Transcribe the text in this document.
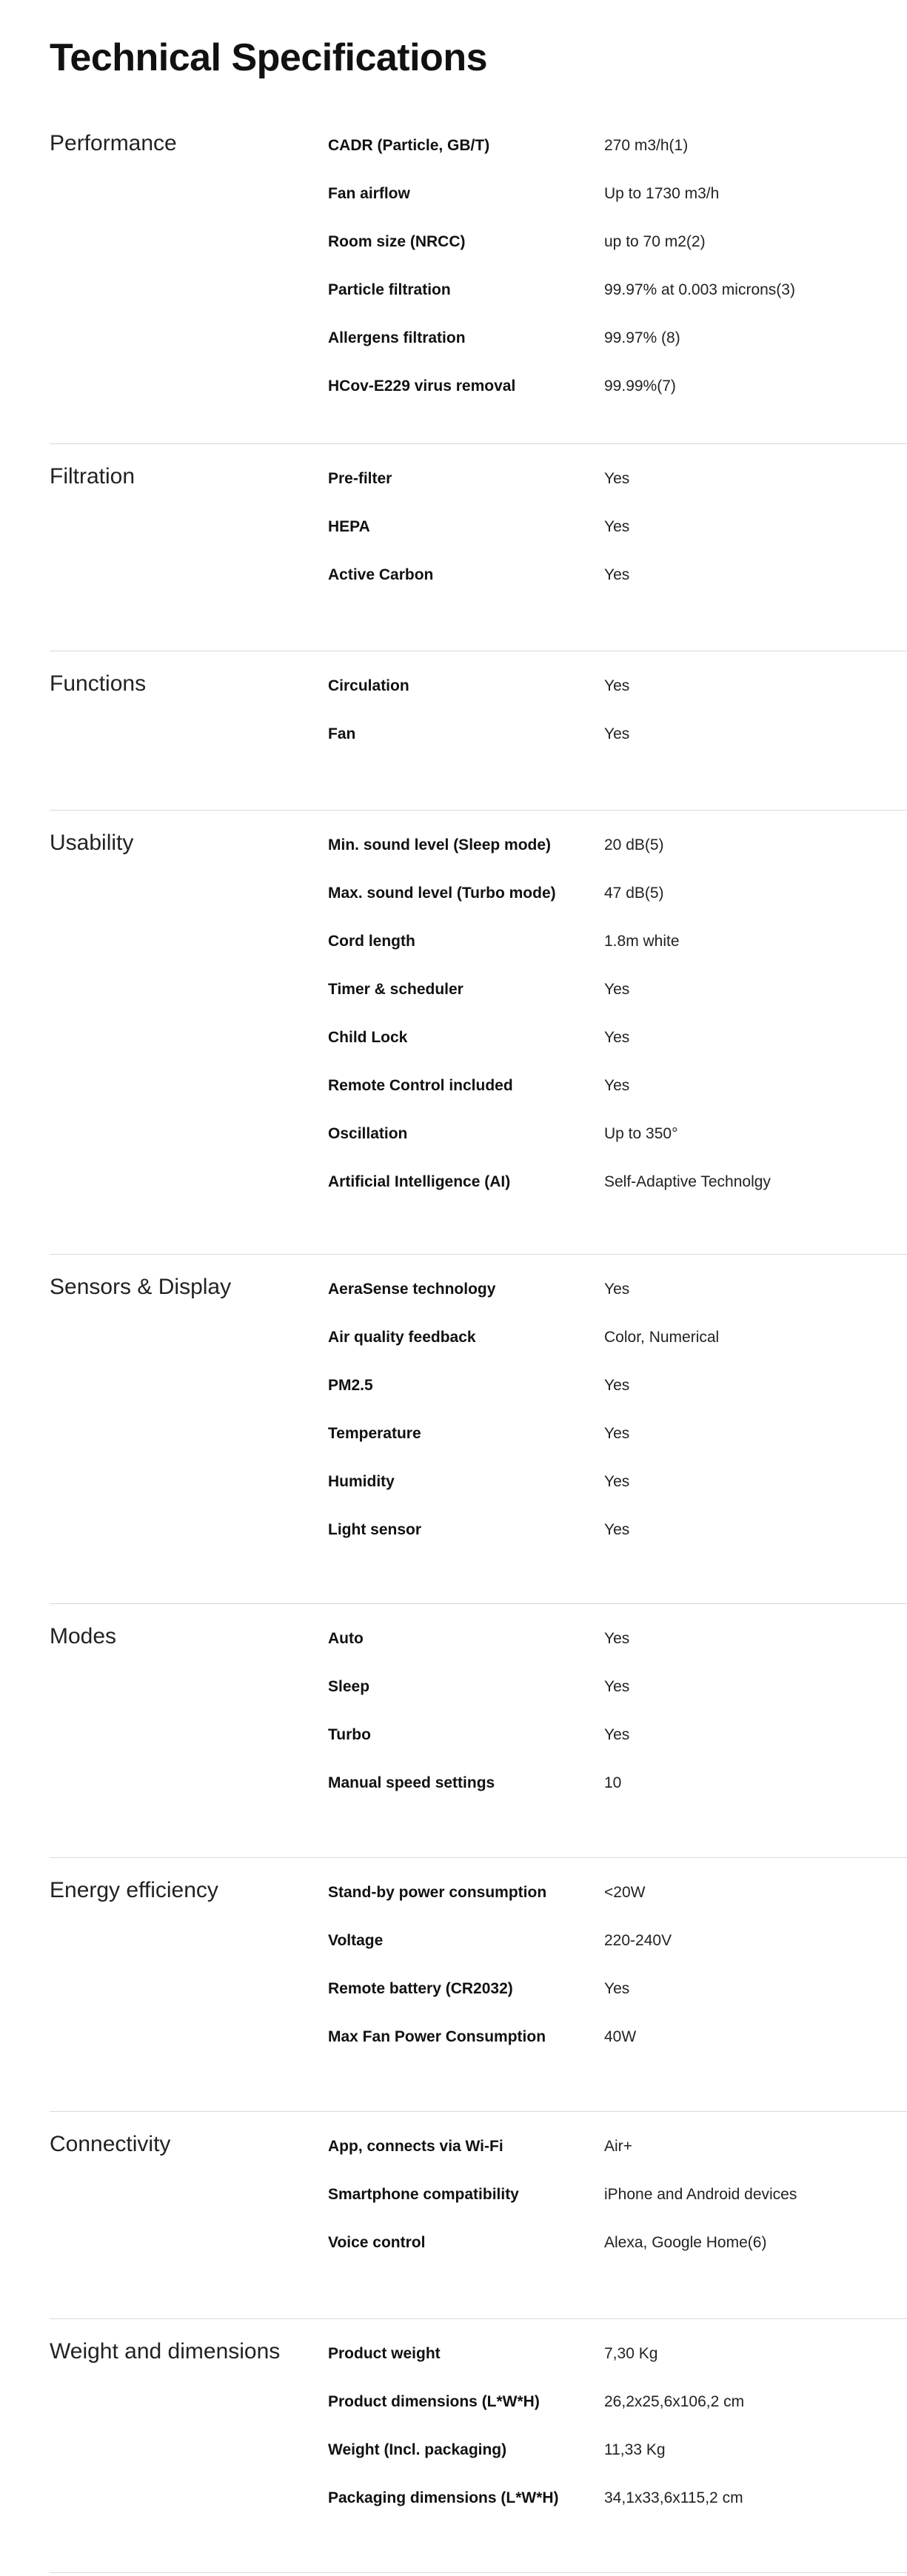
Technical Specifications
Performance	CADR (Particle, GB/T)	270 m3/h(1)
Fan airflow	Up to 1730 m3/h
Room size (NRCC)	up to 70 m2(2)
Particle filtration	99.97% at 0.003 microns(3)
Allergens filtration	99.97% (8)
HCov-E229 virus removal	99.99%(7)
Filtration	Pre-filter	Yes
HEPA	Yes
Active Carbon	Yes
Functions	Circulation	Yes
Fan	Yes
Usability	Min. sound level (Sleep mode)	20 dB(5)
Max. sound level (Turbo mode)	47 dB(5)
Cord length	1.8m white
Timer & scheduler	Yes
Child Lock	Yes
Remote Control included	Yes
Oscillation	Up to 350°
Artificial Intelligence (AI)	Self-Adaptive Technolgy
Sensors & Display	AeraSense technology	Yes
Air quality feedback	Color, Numerical
PM2.5	Yes
Temperature	Yes
Humidity	Yes
Light sensor	Yes
Modes	Auto	Yes
Sleep	Yes
Turbo	Yes
Manual speed settings	10
Energy efficiency	Stand-by power consumption	<20W
Voltage	220-240V
Remote battery (CR2032)	Yes
Max Fan Power Consumption	40W
Connectivity	App, connects via Wi-Fi	Air+
Smartphone compatibility	iPhone and Android devices
Voice control	Alexa, Google Home(6)
Weight and dimensions	Product weight	7,30 Kg
Product dimensions (L*W*H)	26,2x25,6x106,2 cm
Weight (Incl. packaging)	11,33 Kg
Packaging dimensions (L*W*H)	34,1x33,6x115,2 cm
